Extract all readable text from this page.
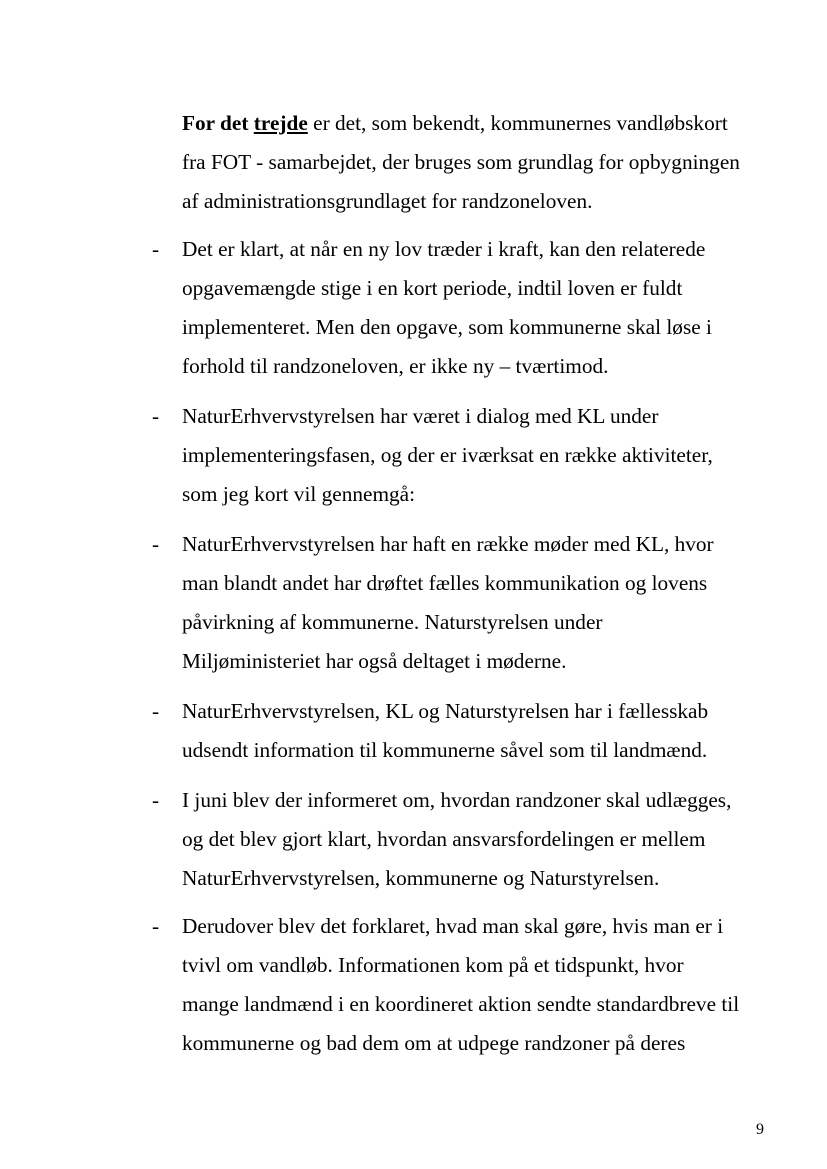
For det trejde er det, som bekendt, kommunernes vandløbskort
fra FOT - samarbejdet, der bruges som grundlag for opbygningen
af administrationsgrundlaget for randzoneloven.
- Det er klart, at når en ny lov træder i kraft, kan den relaterede
opgavemængde stige i en kort periode, indtil loven er fuldt
implementeret. Men den opgave, som kommunerne skal løse i
forhold til randzoneloven, er ikke ny – tværtimod.
- NaturErhvervstyrelsen har været i dialog med KL under
implementeringsfasen, og der er iværksat en række aktiviteter,
som jeg kort vil gennemgå:
- NaturErhvervstyrelsen har haft en række møder med KL, hvor
man blandt andet har drøftet fælles kommunikation og lovens
påvirkning af kommunerne. Naturstyrelsen under
Miljøministeriet har også deltaget i møderne.
- NaturErhvervstyrelsen, KL og Naturstyrelsen har i fællesskab
udsendt information til kommunerne såvel som til landmænd.
- I juni blev der informeret om, hvordan randzoner skal udlægges,
og det blev gjort klart, hvordan ansvarsfordelingen er mellem
NaturErhvervstyrelsen, kommunerne og Naturstyrelsen.
- Derudover blev det forklaret, hvad man skal gøre, hvis man er i
tvivl om vandløb. Informationen kom på et tidspunkt, hvor
mange landmænd i en koordineret aktion sendte standardbreve til
kommunerne og bad dem om at udpege randzoner på deres
9
